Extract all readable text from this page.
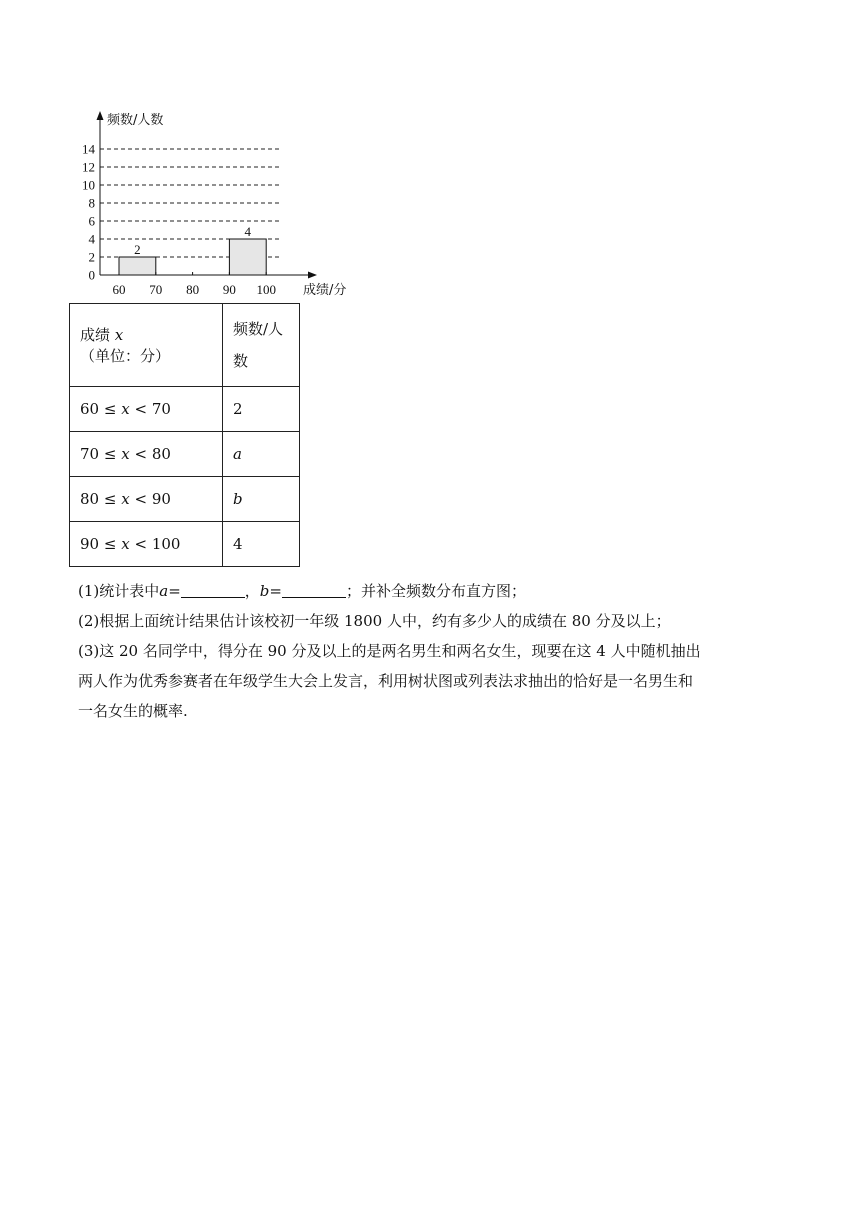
2
4
0
2
4
6
8
10
12
14
60 70 80 90 100
频数/人数
成绩/分
成绩 x（单位：分）	频数/人
数

60 ≤ x < 70	2
70 ≤ x < 80	a
80 ≤ x < 90	b
90 ≤ x < 100	4

(1)统计表中a=	，b=	；并补全频数分布直方图；

(2)根据上面统计结果估计该校初一年级 1800 人中，约有多少人的成绩在 80 分及以上；

(3)这 20 名同学中，得分在 90 分及以上的是两名男生和两名女生，现要在这 4 人中随机抽出

两人作为优秀参赛者在年级学生大会上发言，利用树状图或列表法求抽出的恰好是一名男生和

一名女生的概率.
